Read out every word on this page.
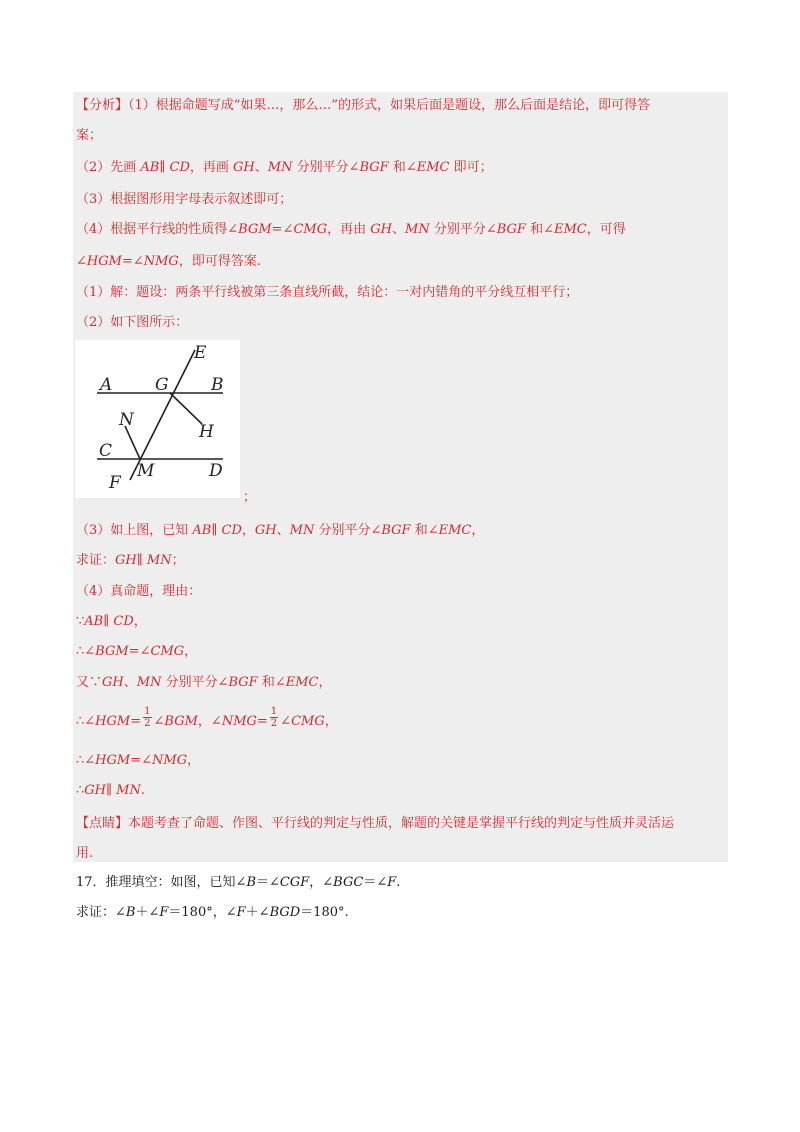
【分析】（1）根据命题写成“如果…，那么…”的形式，如果后面是题设，那么后面是结论，即可得答
案；
（2）先画 AB∥ CD，再画 GH、MN 分别平分∠BGF 和∠EMC 即可；
（3）根据图形用字母表示叙述即可；
（4）根据平行线的性质得∠BGM=∠CMG，再由 GH、MN 分别平分∠BGF 和∠EMC，可得
∠HGM=∠NMG，即可得答案.
（1）解：题设：两条平行线被第三条直线所截，结论：一对内错角的平分线互相平行；
（2）如下图所示：
A	G B
E
N
H
C
M	D
F
；
（3）如上图，已知 AB∥ CD，GH、MN 分别平分∠BGF 和∠EMC，
求证：GH∥ MN；
（4）真命题，理由：
∵AB∥ CD，
∴∠BGM=∠CMG，
又∵GH、MN 分别平分∠BGF 和∠EMC，
∴∠HGM= $\frac{1}{2}$ ∠BGM，∠NMG= $\frac{1}{2}$ ∠CMG，
∴∠HGM=∠NMG，
∴GH∥ MN.
【点睛】本题考查了命题、作图、平行线的判定与性质，解题的关键是掌握平行线的判定与性质并灵活运
用.
17．推理填空：如图，已知∠B＝∠CGF，∠BGC＝∠F.
求证：∠B＋∠F＝180°，∠F＋∠BGD＝180°.
